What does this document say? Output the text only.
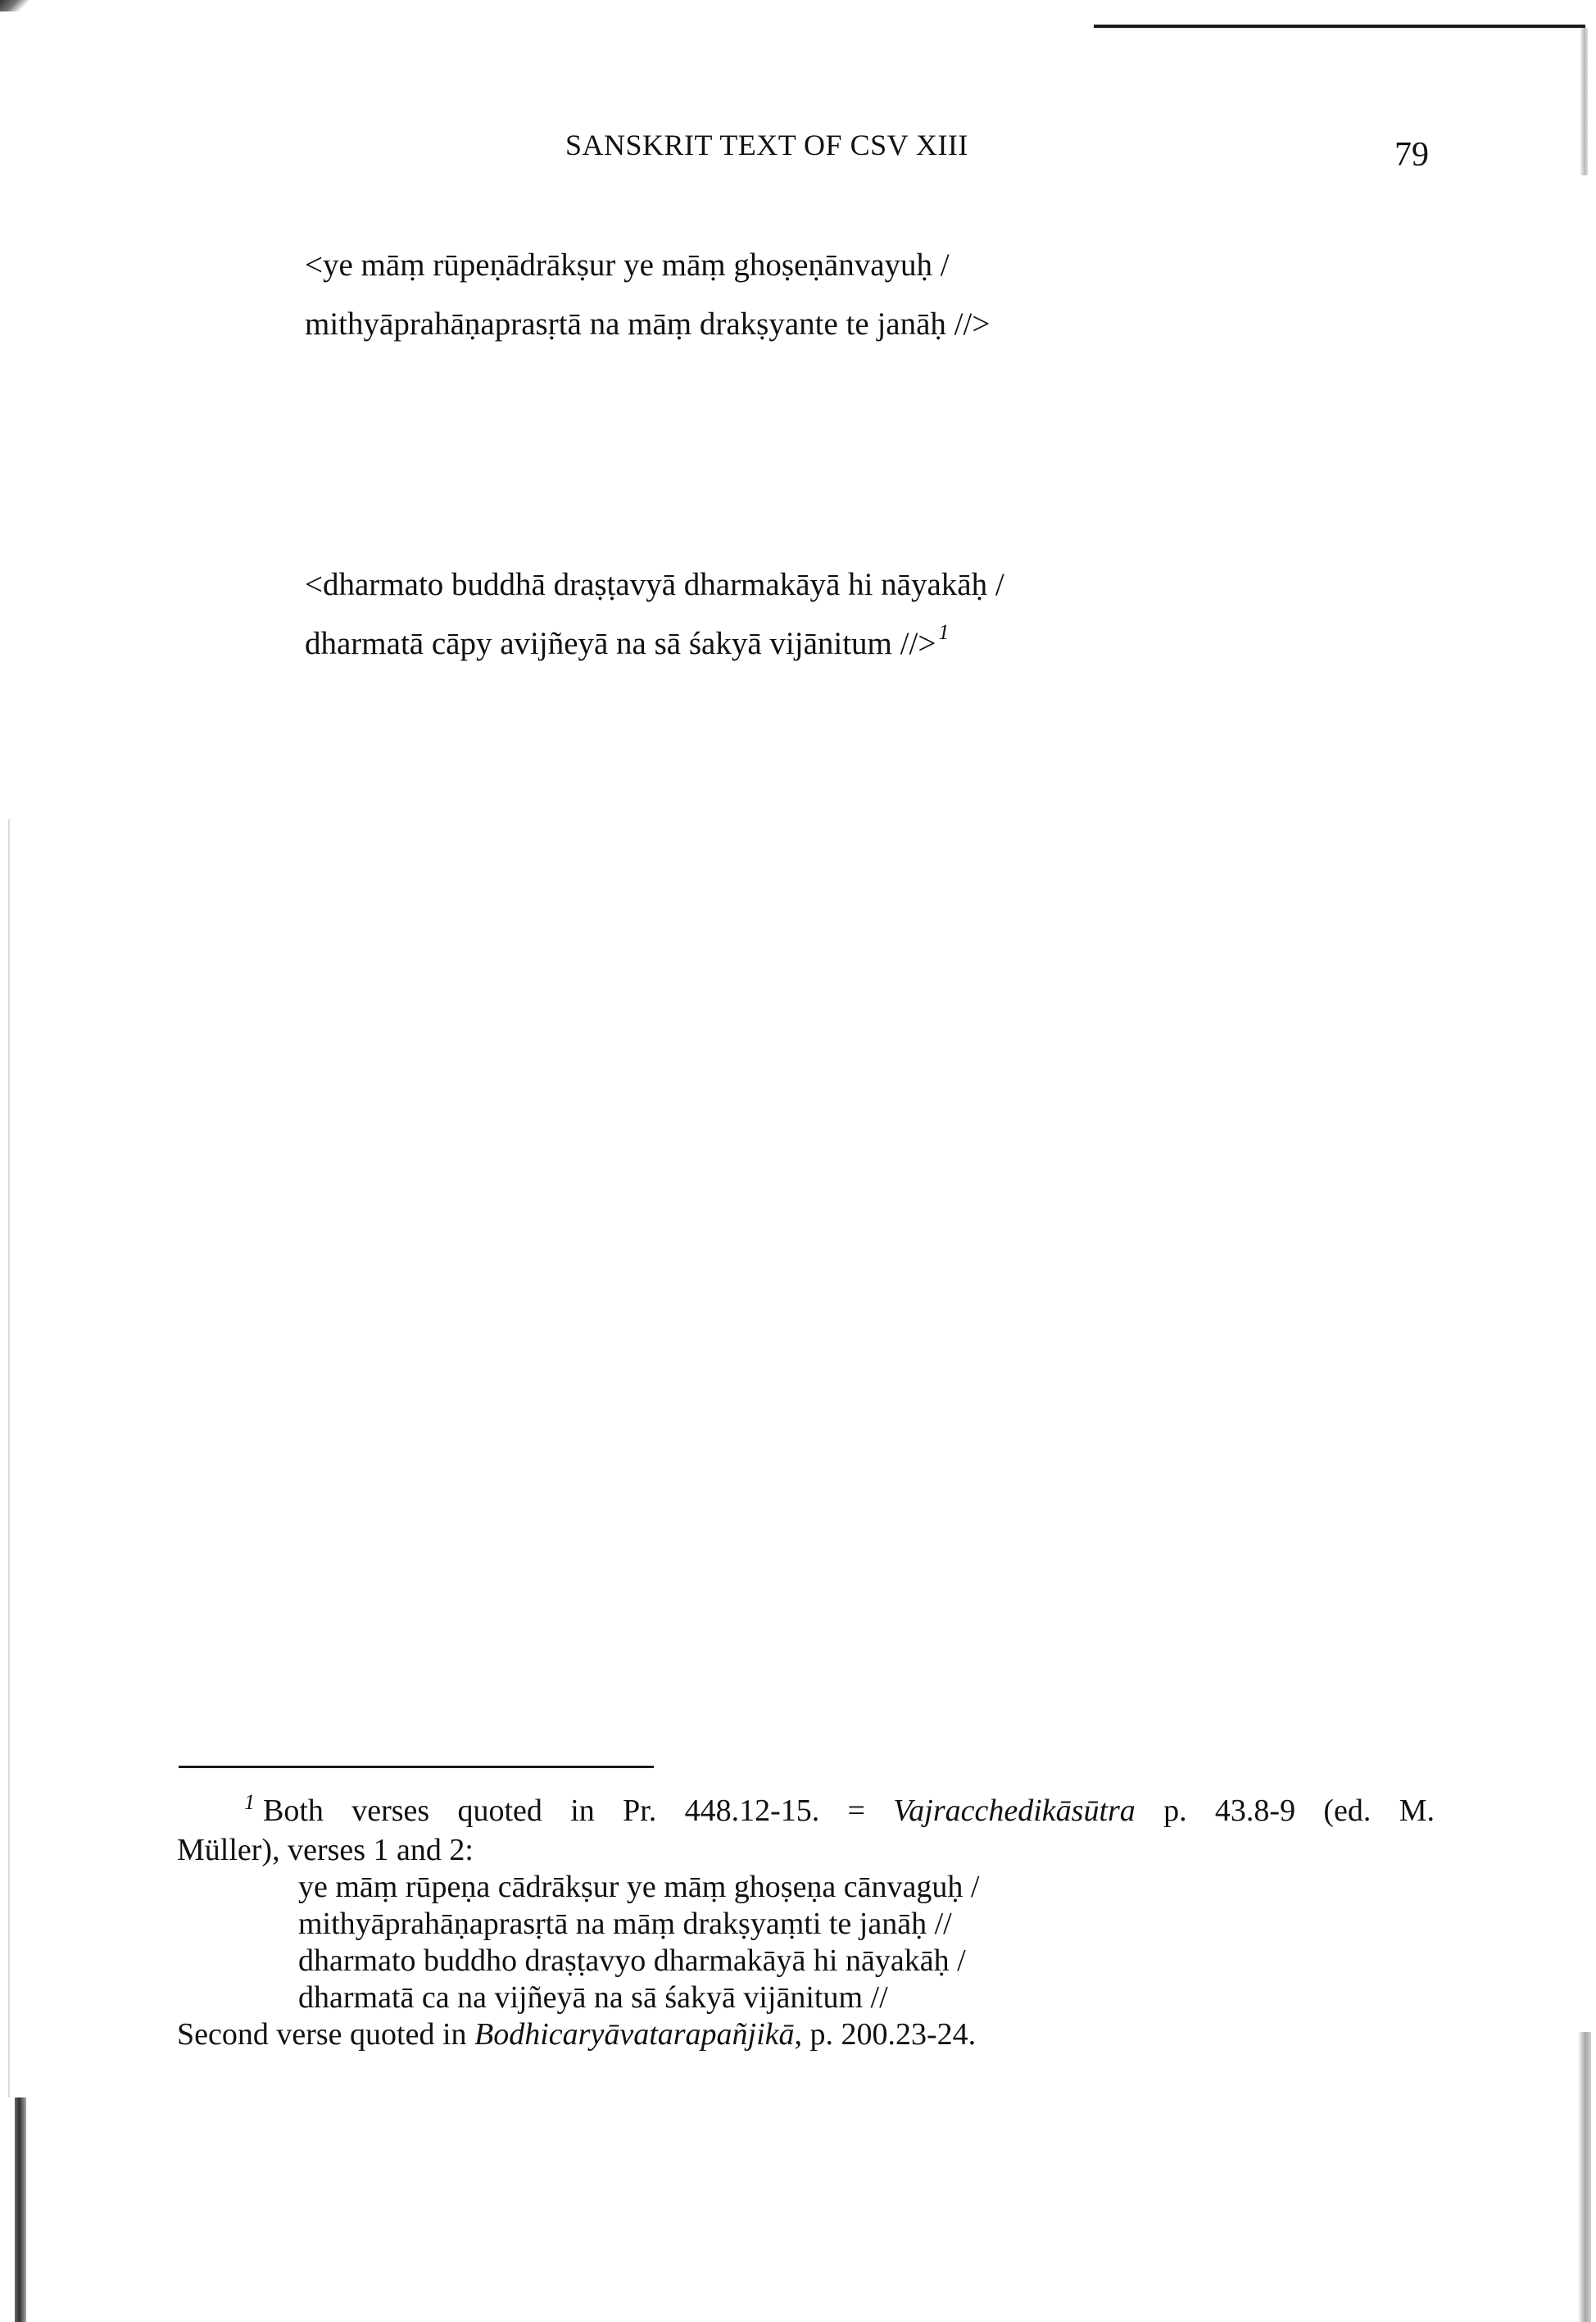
SANSKRIT TEXT OF CSV XIII	79
<ye māṃ rūpeṇādrākṣur ye māṃ ghoṣeṇānvayuḥ /
mithyāprahāṇaprasṛtā na māṃ drakṣyante te janāḥ //>
<dharmato buddhā draṣṭavyā dharmakāyā hi nāyakāḥ /
dharmatā cāpy avijñeyā na sā śakyā vijānitum //> $^1$
$^1$ Both verses quoted in Pr. 448.12-15. = Vajracchedikāsūtra p. 43.8-9 (ed. M.
Müller), verses 1 and 2:
ye māṃ rūpeṇa cādrākṣur ye māṃ ghoṣeṇa cānvaguḥ /
mithyāprahāṇaprasṛtā na māṃ drakṣyaṃti te janāḥ //
dharmato buddho draṣṭavyo dharmakāyā hi nāyakāḥ /
dharmatā ca na vijñeyā na sā śakyā vijānitum //
Second verse quoted in Bodhicaryāvatarapañjikā, p. 200.23-24.
